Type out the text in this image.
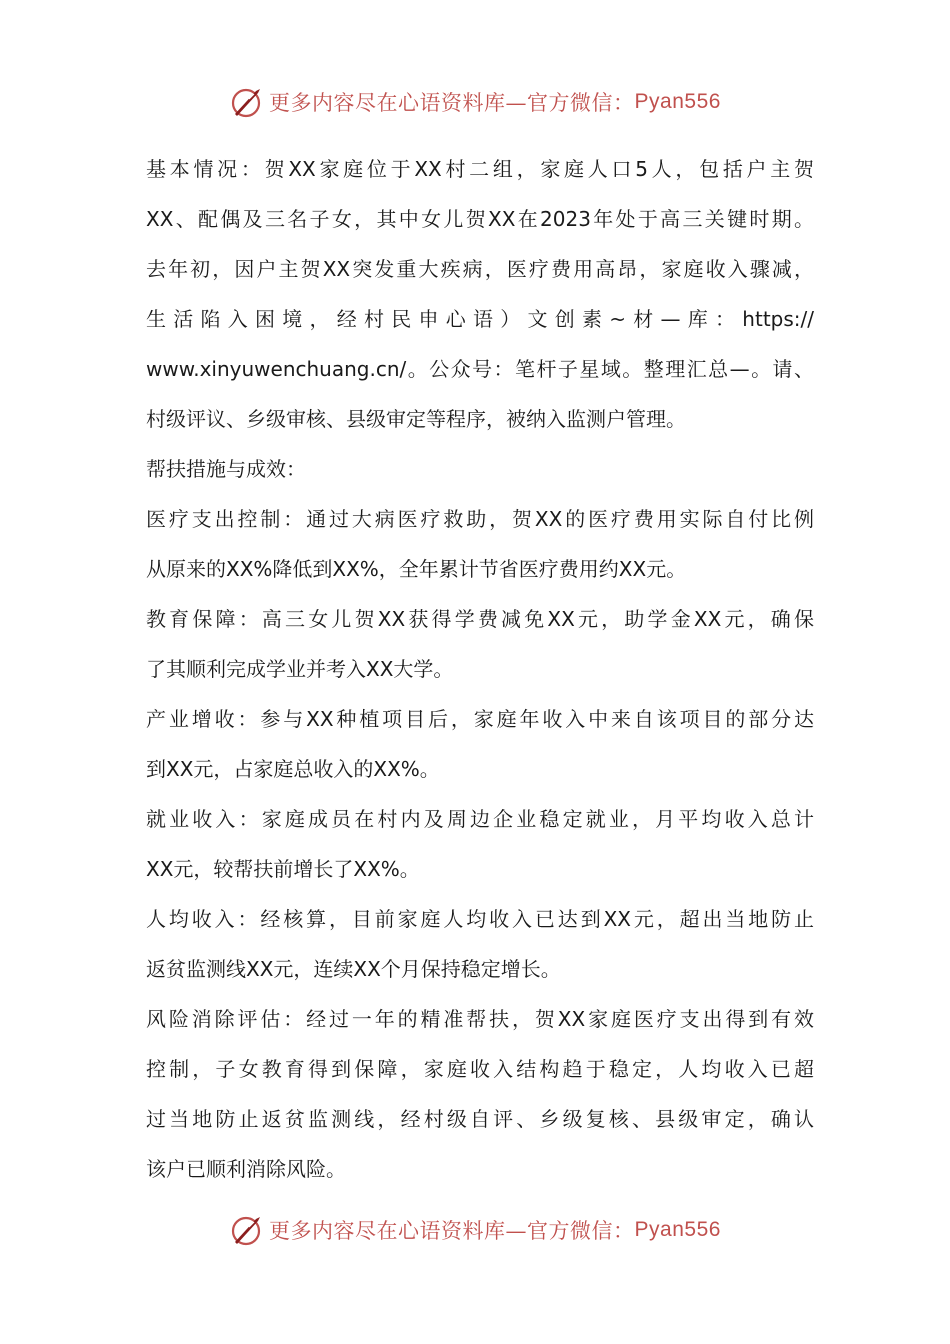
更多内容尽在心语资料库—官方微信： Pyan556
基本情况：贺XX家庭位于XX村二组，家庭人口5人，包括户主贺
XX、配偶及三名子女，其中女儿贺XX在2023年处于高三关键时期。
去年初，因户主贺XX突发重大疾病，医疗费用高昂，家庭收入骤减，
生活陷入困境，经村民申心语）文创素~材—库：https://
www.xinyuwenchuang.cn/。公众号：笔杆子星域。整理汇总—。请、
村级评议、乡级审核、县级审定等程序，被纳入监测户管理。
帮扶措施与成效：
医疗支出控制：通过大病医疗救助，贺XX的医疗费用实际自付比例
从原来的XX%降低到XX%，全年累计节省医疗费用约XX元。
教育保障：高三女儿贺XX获得学费减免XX元，助学金XX元，确保
了其顺利完成学业并考入XX大学。
产业增收：参与XX种植项目后，家庭年收入中来自该项目的部分达
到XX元，占家庭总收入的XX%。
就业收入：家庭成员在村内及周边企业稳定就业，月平均收入总计
XX元，较帮扶前增长了XX%。
人均收入：经核算，目前家庭人均收入已达到XX元，超出当地防止
返贫监测线XX元，连续XX个月保持稳定增长。
风险消除评估：经过一年的精准帮扶，贺XX家庭医疗支出得到有效
控制，子女教育得到保障，家庭收入结构趋于稳定，人均收入已超
过当地防止返贫监测线，经村级自评、乡级复核、县级审定，确认
该户已顺利消除风险。
更多内容尽在心语资料库—官方微信： Pyan556
